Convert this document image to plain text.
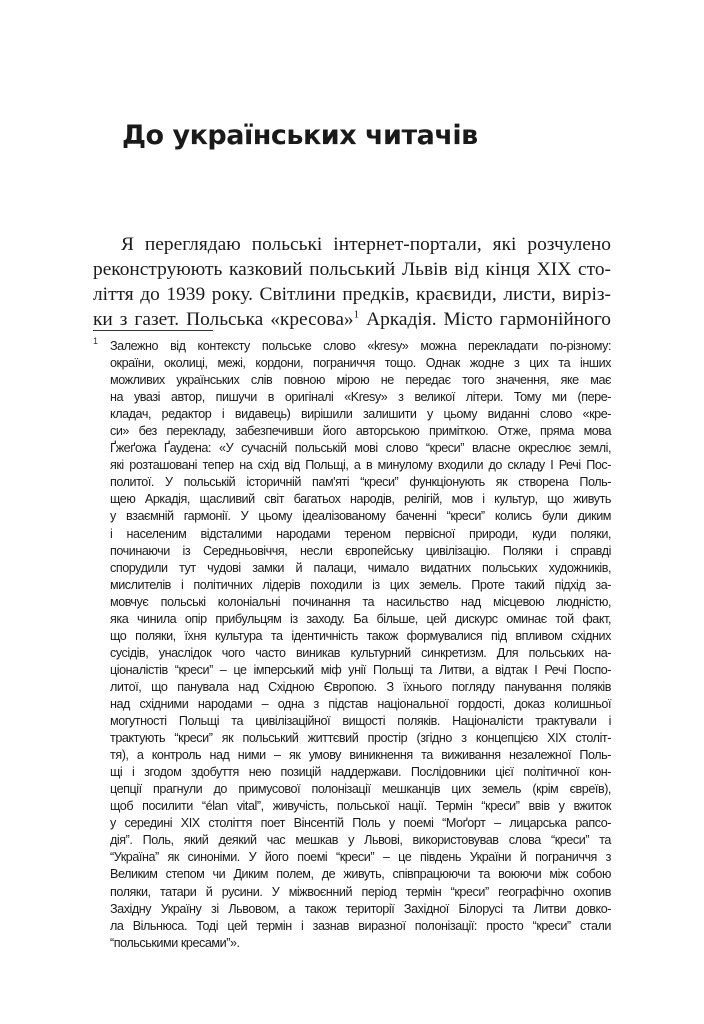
До українських читачів
Я переглядаю польські інтернет-портали, які розчулено
реконструюють казковий польський Львів від кінця XIX сто-
ліття до 1939 року. Світлини предків, краєвиди, листи, вирiз-
ки з газет. Польська «кресова»$^1$ Аркадія. Місто гармонійного
1 Залежно від контексту польське слово «kresy» можна перекладати по-різному:
окраїни, околиці, межі, кордони, пограниччя тощо. Однак жодне з цих та інших
можливих українських слів повною мірою не передає того значення, яке має
на увазі автор, пишучи в оригіналі «Kresy» з великої літери. Тому ми (пере-
кладач, редактор і видавець) вирішили залишити у цьому виданні слово «кре-
си» без перекладу, забезпечивши його авторською приміткою. Отже, пряма мова
Ґжеґожа Ґаудена: «У сучасній польській мові слово “креси” власне окреслює землі,
які розташовані тепер на схід від Польщі, а в минулому входили до складу І Речі Пос-
политої. У польській історичній пам'яті “креси” функціонують як створена Поль-
щею Аркадія, щасливий світ багатьох народів, релігій, мов і культур, що живуть
у взаємній гармонії. У цьому ідеалізованому баченні “креси” колись були диким
і населеним відсталими народами тереном первісної природи, куди поляки,
починаючи із Середньовіччя, несли європейську цивілізацію. Поляки і справді
спорудили тут чудові замки й палаци, чимало видатних польських художників,
мислителів і політичних лідерів походили із цих земель. Проте такий підхід за-
мовчує польські колоніальні починання та насильство над місцевою людністю,
яка чинила опір прибульцям із заходу. Ба більше, цей дискурс оминає той факт,
що поляки, їхня культура та ідентичність також формувалися під впливом східних
сусідів, унаслідок чого часто виникав культурний синкретизм. Для польських на-
ціоналістів “креси” – це імперський міф унії Польщі та Литви, а відтак І Речі Поспо-
литої, що панувала над Східною Європою. З їхнього погляду панування поляків
над східними народами – одна з підстав національної гордості, доказ колишньої
могутності Польщі та цивілізаційної вищості поляків. Націоналісти трактували і
трактують “креси” як польський життєвий простір (згідно з концепцією XIX століт-
тя), а контроль над ними – як умову виникнення та виживання незалежної Поль-
щі і згодом здобуття нею позицій наддержави. Послідовники цієї політичної кон-
цепції прагнули до примусової полонізації мешканців цих земель (крім євреїв),
щоб посилити “élan vital”, живучість, польської нації. Термін “креси” ввів у вжиток
у середині XIX століття поет Вінсентій Поль у поемі “Моґорт – лицарська рапсо-
дія”. Поль, який деякий час мешкав у Львові, використовував слова “креси” та
“Україна” як синоніми. У його поемі “креси” – це південь України й пограниччя з
Великим степом чи Диким полем, де живуть, співпрацюючи та воюючи між собою
поляки, татари й русини. У міжвоєнний період термін “креси” географічно охопив
Західну Україну зі Львовом, а також території Західної Білорусі та Литви довко-
ла Вільнюса. Тоді цей термін і зазнав виразної полонізації: просто “креси” стали
“польськими кресами”».
